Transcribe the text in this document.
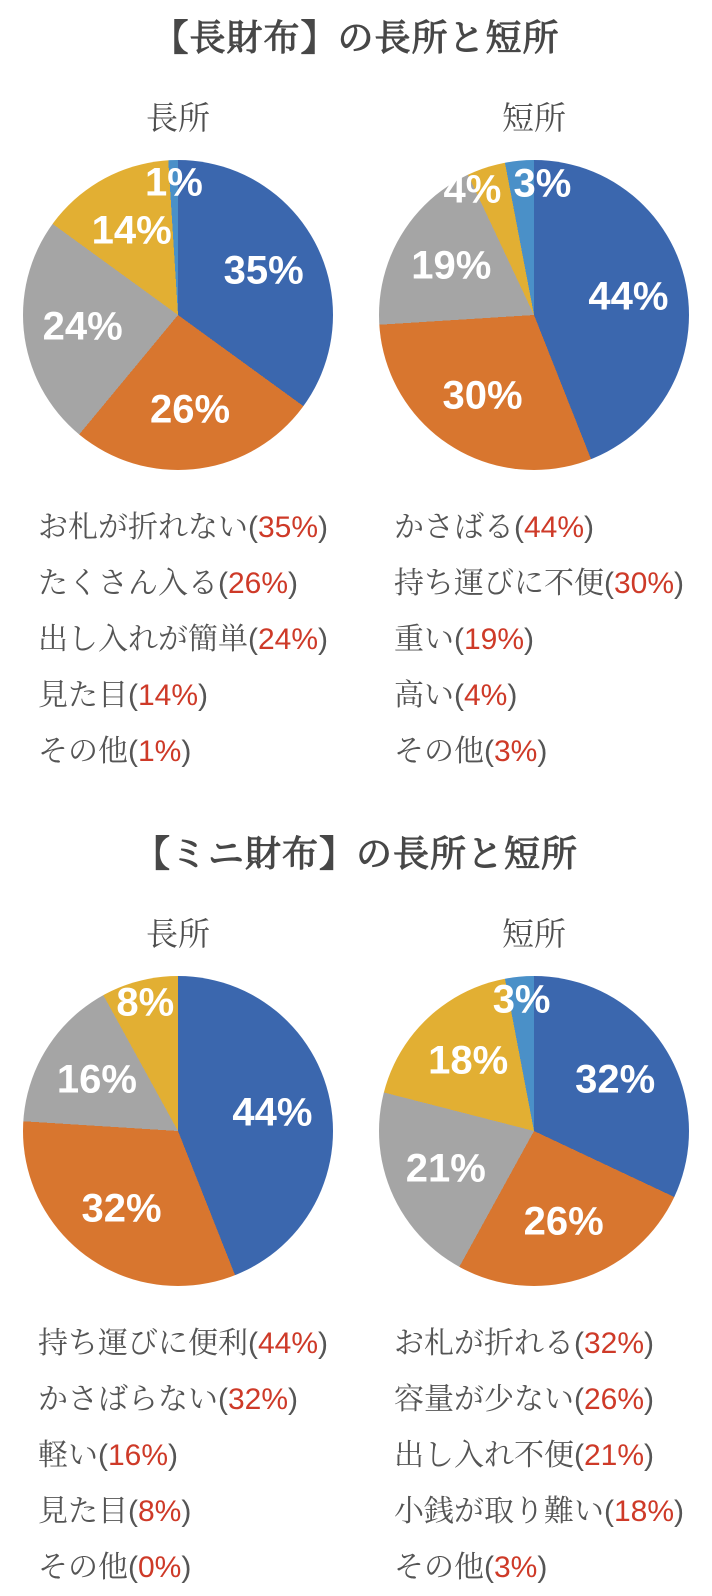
【長財布】の長所と短所
長所
35%
26%
24%
14%
1%
短所
44%
30%
19%
4% 3%
お札が折れない(35%)
たくさん入る(26%)
出し入れが簡単(24%)
見た目(14%)
その他(1%)
かさばる(44%)
持ち運びに不便(30%)
重い(19%)
高い(4%)
その他(3%)
【ミニ財布】の長所と短所
長所
44%
32%
16%
8%
短所
32%
26%
21%
18%
3%
持ち運びに便利(44%)
かさばらない(32%)
軽い(16%)
見た目(8%)
その他(0%)
お札が折れる(32%)
容量が少ない(26%)
出し入れ不便(21%)
小銭が取り難い(18%)
その他(3%)
